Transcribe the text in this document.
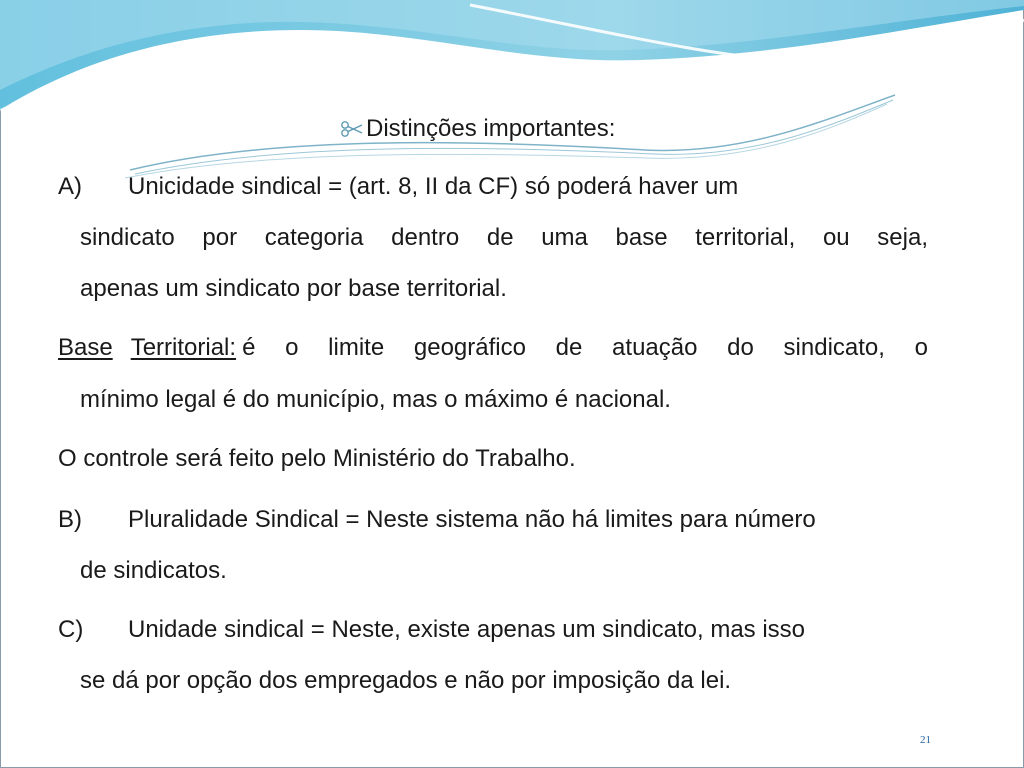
Distinções importantes:
A) Unicidade sindical = (art. 8, II da CF) só poderá haver um
sindicato por categoria dentro de uma base territorial, ou seja,
apenas um sindicato por base territorial.
Base Territorial: é o limite geográfico de atuação do sindicato, o
mínimo legal é do município, mas o máximo é nacional.
O controle será feito pelo Ministério do Trabalho.
B) Pluralidade Sindical = Neste sistema não há limites para número
de sindicatos.
C) Unidade sindical = Neste, existe apenas um sindicato, mas isso
se dá por opção dos empregados e não por imposição da lei.
21
